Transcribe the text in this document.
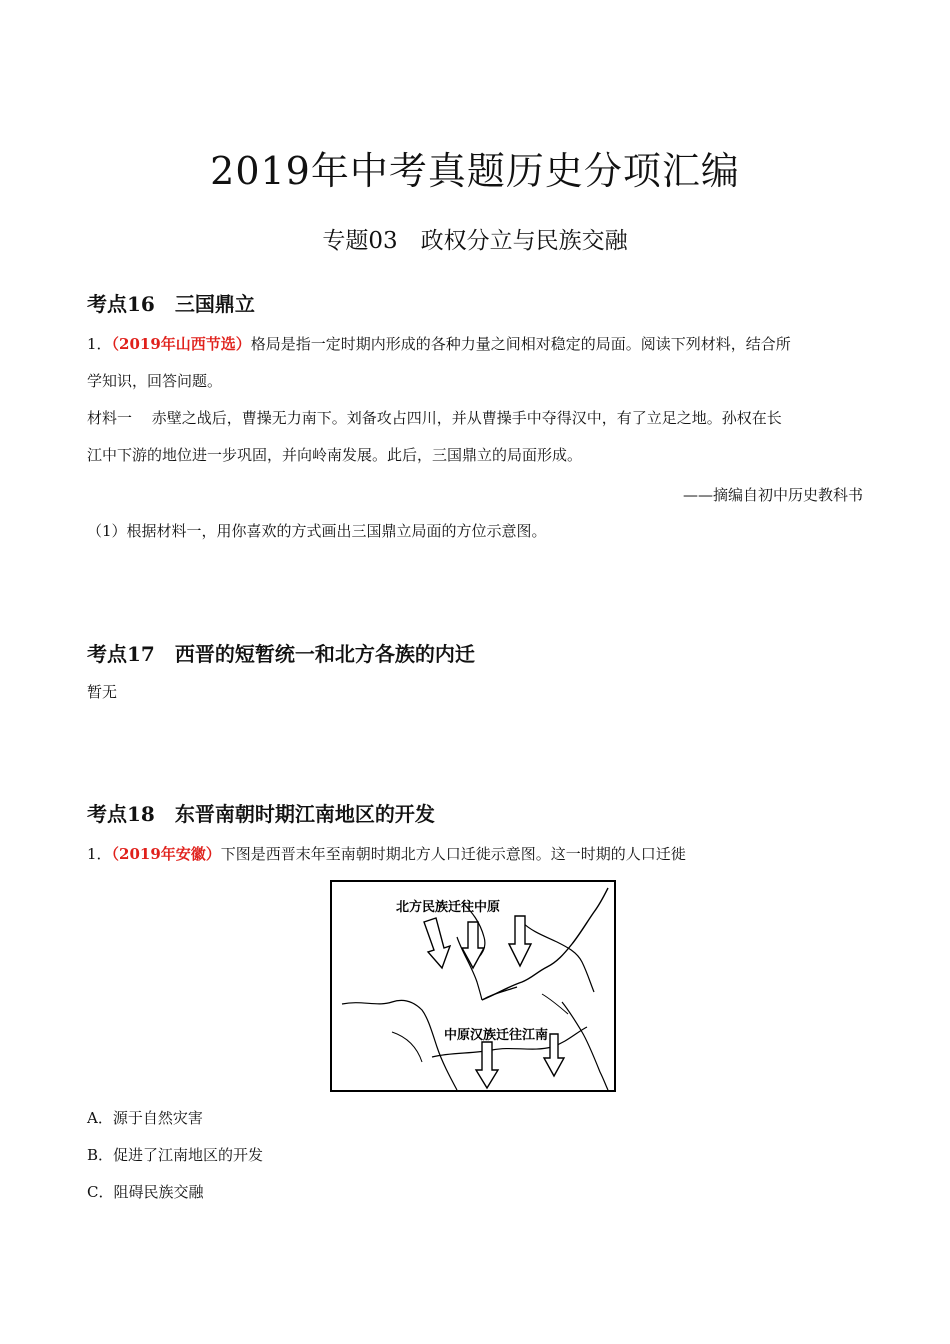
2019年中考真题历史分项汇编
专题03　政权分立与民族交融
考点16　三国鼎立
1．（2019年山西节选）格局是指一定时期内形成的各种力量之间相对稳定的局面。阅读下列材料，结合所
学知识，回答问题。
材料一　 赤壁之战后，曹操无力南下。刘备攻占四川，并从曹操手中夺得汉中，有了立足之地。孙权在长
江中下游的地位进一步巩固，并向岭南发展。此后，三国鼎立的局面形成。
——摘编自初中历史教科书
（1）根据材料一，用你喜欢的方式画出三国鼎立局面的方位示意图。
考点17　西晋的短暂统一和北方各族的内迁
暂无
考点18　东晋南朝时期江南地区的开发
1．（2019年安徽）下图是西晋末年至南朝时期北方人口迁徙示意图。这一时期的人口迁徙
北方民族迁往中原
中原汉族迁往江南
A．源于自然灾害
B．促进了江南地区的开发
C．阻碍民族交融
